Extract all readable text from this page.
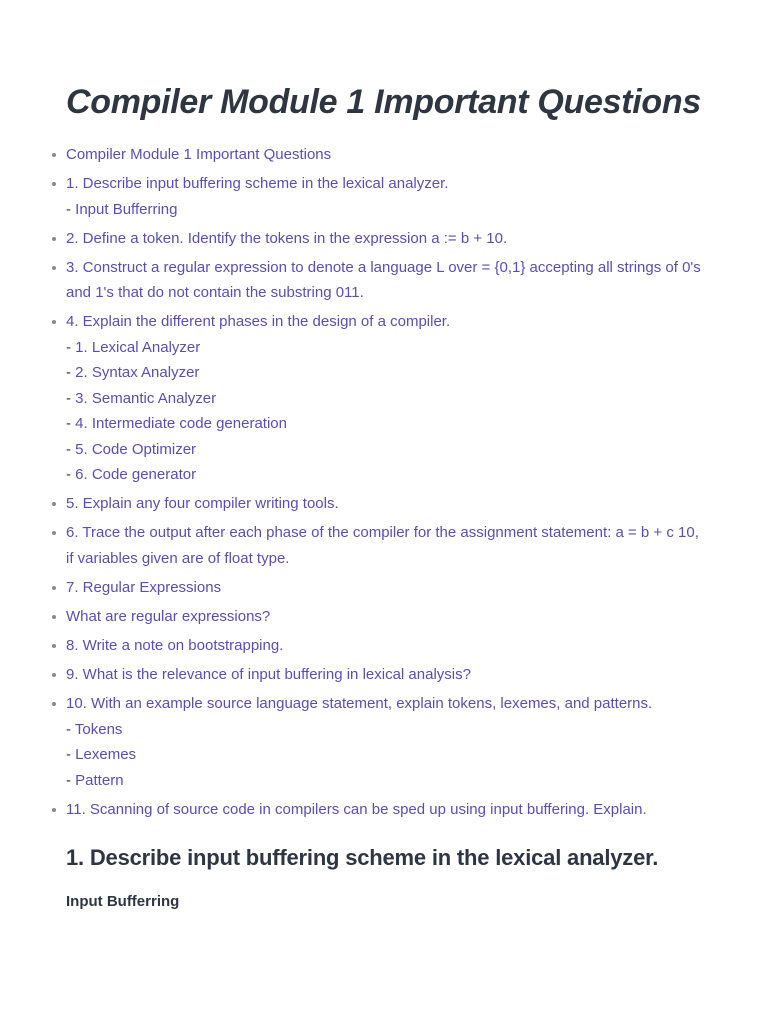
Compiler Module 1 Important Questions
Compiler Module 1 Important Questions
1. Describe input buffering scheme in the lexical analyzer.
- Input Bufferring
2. Define a token. Identify the tokens in the expression a := b + 10.
3. Construct a regular expression to denote a language L over = {0,1} accepting all strings of 0's and 1's that do not contain the substring 011.
4. Explain the different phases in the design of a compiler.
- 1. Lexical Analyzer
- 2. Syntax Analyzer
- 3. Semantic Analyzer
- 4. Intermediate code generation
- 5. Code Optimizer
- 6. Code generator
5. Explain any four compiler writing tools.
6. Trace the output after each phase of the compiler for the assignment statement: a = b + c 10, if variables given are of float type.
7. Regular Expressions
What are regular expressions?
8. Write a note on bootstrapping.
9. What is the relevance of input buffering in lexical analysis?
10. With an example source language statement, explain tokens, lexemes, and patterns.
- Tokens
- Lexemes
- Pattern
11. Scanning of source code in compilers can be sped up using input buffering. Explain.
1. Describe input buffering scheme in the lexical analyzer.
Input Bufferring
